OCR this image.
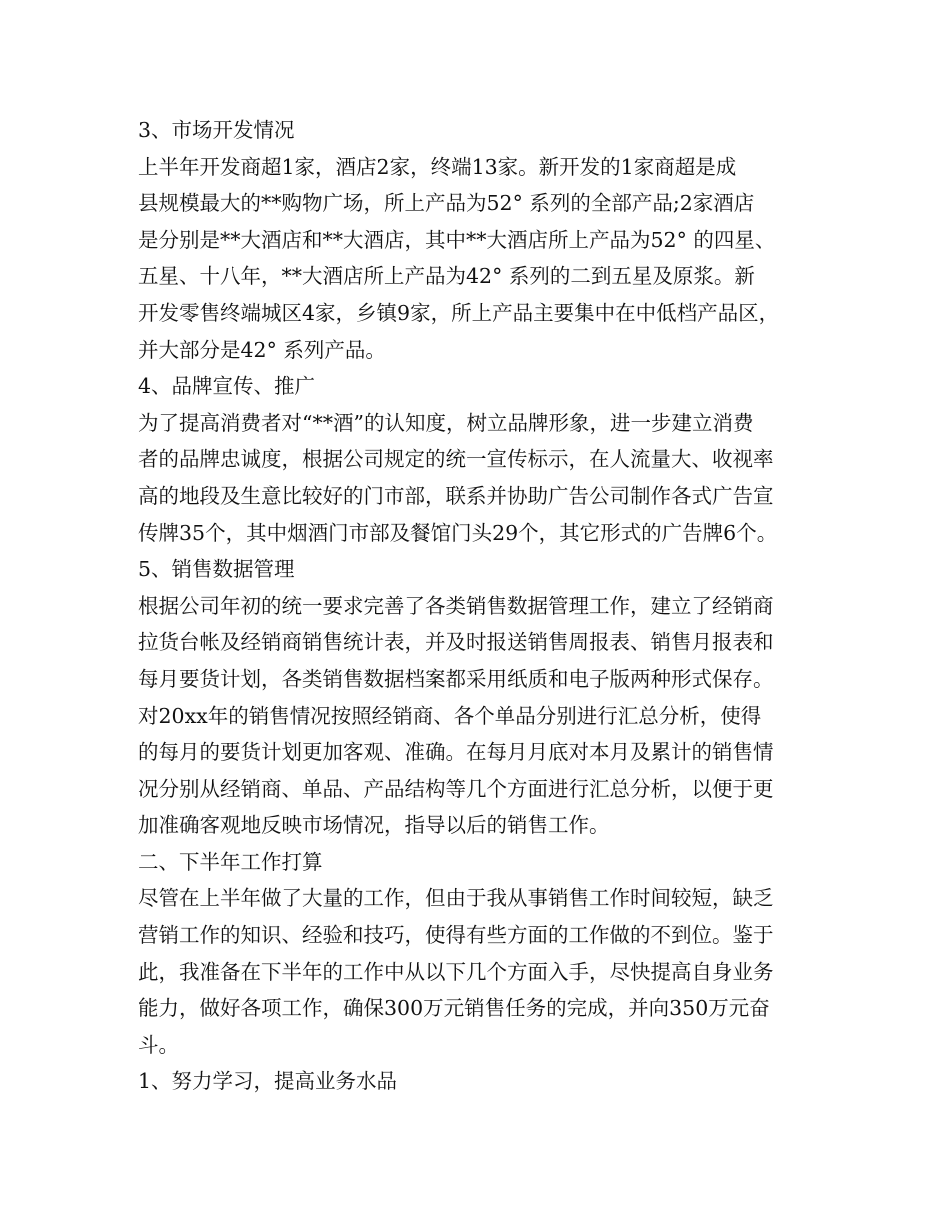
3、市场开发情况
上半年开发商超1家，酒店2家，终端13家。新开发的1家商超是成
县规模最大的**购物广场，所上产品为52° 系列的全部产品;2家酒店
是分别是**大酒店和**大酒店，其中**大酒店所上产品为52° 的四星、
五星、十八年，**大酒店所上产品为42° 系列的二到五星及原浆。新
开发零售终端城区4家，乡镇9家，所上产品主要集中在中低档产品区，
并大部分是42° 系列产品。
4、品牌宣传、推广
为了提高消费者对“**酒”的认知度，树立品牌形象，进一步建立消费
者的品牌忠诚度，根据公司规定的统一宣传标示，在人流量大、收视率
高的地段及生意比较好的门市部，联系并协助广告公司制作各式广告宣
传牌35个，其中烟酒门市部及餐馆门头29个，其它形式的广告牌6个。
5、销售数据管理
根据公司年初的统一要求完善了各类销售数据管理工作，建立了经销商
拉货台帐及经销商销售统计表，并及时报送销售周报表、销售月报表和
每月要货计划，各类销售数据档案都采用纸质和电子版两种形式保存。
对20xx年的销售情况按照经销商、各个单品分别进行汇总分析，使得
的每月的要货计划更加客观、准确。在每月月底对本月及累计的销售情
况分别从经销商、单品、产品结构等几个方面进行汇总分析，以便于更
加准确客观地反映市场情况，指导以后的销售工作。
二、下半年工作打算
尽管在上半年做了大量的工作，但由于我从事销售工作时间较短，缺乏
营销工作的知识、经验和技巧，使得有些方面的工作做的不到位。鉴于
此，我准备在下半年的工作中从以下几个方面入手，尽快提高自身业务
能力，做好各项工作，确保300万元销售任务的完成，并向350万元奋
斗。
1、努力学习，提高业务水品
